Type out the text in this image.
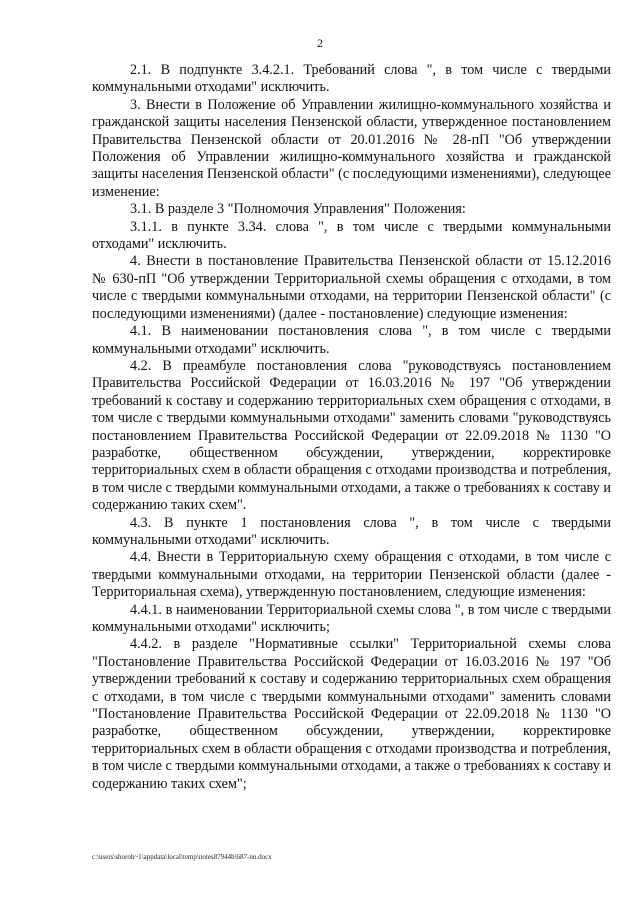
2

2.1. В подпункте 3.4.2.1. Требований слова ", в том числе с твердыми коммунальными отходами" исключить.

3. Внести в Положение об Управлении жилищно-коммунального хозяйства и гражданской защиты населения Пензенской области, утвержденное постановлением Правительства Пензенской области от 20.01.2016 № 28-пП "Об утверждении Положения об Управлении жилищно-коммунального хозяйства и гражданской защиты населения Пензенской области" (с последующими изменениями), следующее изменение:

3.1. В разделе 3 "Полномочия Управления" Положения:

3.1.1. в пункте 3.34. слова ", в том числе с твердыми коммунальными отходами" исключить.

4. Внести в постановление Правительства Пензенской области от 15.12.2016 № 630-пП "Об утверждении Территориальной схемы обращения с отходами, в том числе с твердыми коммунальными отходами, на территории Пензенской области" (с последующими изменениями) (далее - постановление) следующие изменения:

4.1. В наименовании постановления слова ", в том числе с твердыми коммунальными отходами" исключить.

4.2. В преамбуле постановления слова "руководствуясь постановлением Правительства Российской Федерации от 16.03.2016 № 197 "Об утверждении требований к составу и содержанию территориальных схем обращения с отходами, в том числе с твердыми коммунальными отходами" заменить словами "руководствуясь постановлением Правительства Российской Федерации от 22.09.2018 № 1130 "О разработке, общественном обсуждении, утверждении, корректировке территориальных схем в области обращения с отходами производства и потребления, в том числе с твердыми коммунальными отходами, а также о требованиях к составу и содержанию таких схем".

4.3. В пункте 1 постановления слова ", в том числе с твердыми коммунальными отходами" исключить.

4.4. Внести в Территориальную схему обращения с отходами, в том числе с твердыми коммунальными отходами, на территории Пензенской области (далее - Территориальная схема), утвержденную постановлением, следующие изменения:

4.4.1. в наименовании Территориальной схемы слова ", в том числе с твердыми коммунальными отходами" исключить;

4.4.2. в разделе "Нормативные ссылки" Территориальной схемы слова "Постановление Правительства Российской Федерации от 16.03.2016 № 197 "Об утверждении требований к составу и содержанию территориальных схем обращения с отходами, в том числе с твердыми коммунальными отходами" заменить словами "Постановление Правительства Российской Федерации от 22.09.2018 № 1130 "О разработке, общественном обсуждении, утверждении, корректировке территориальных схем в области обращения с отходами производства и потребления, в том числе с твердыми коммунальными отходами, а также о требованиях к составу и содержанию таких схем";

c:\users\shoroh~1\appdata\local\temp\notes87944b\687-nn.docx
